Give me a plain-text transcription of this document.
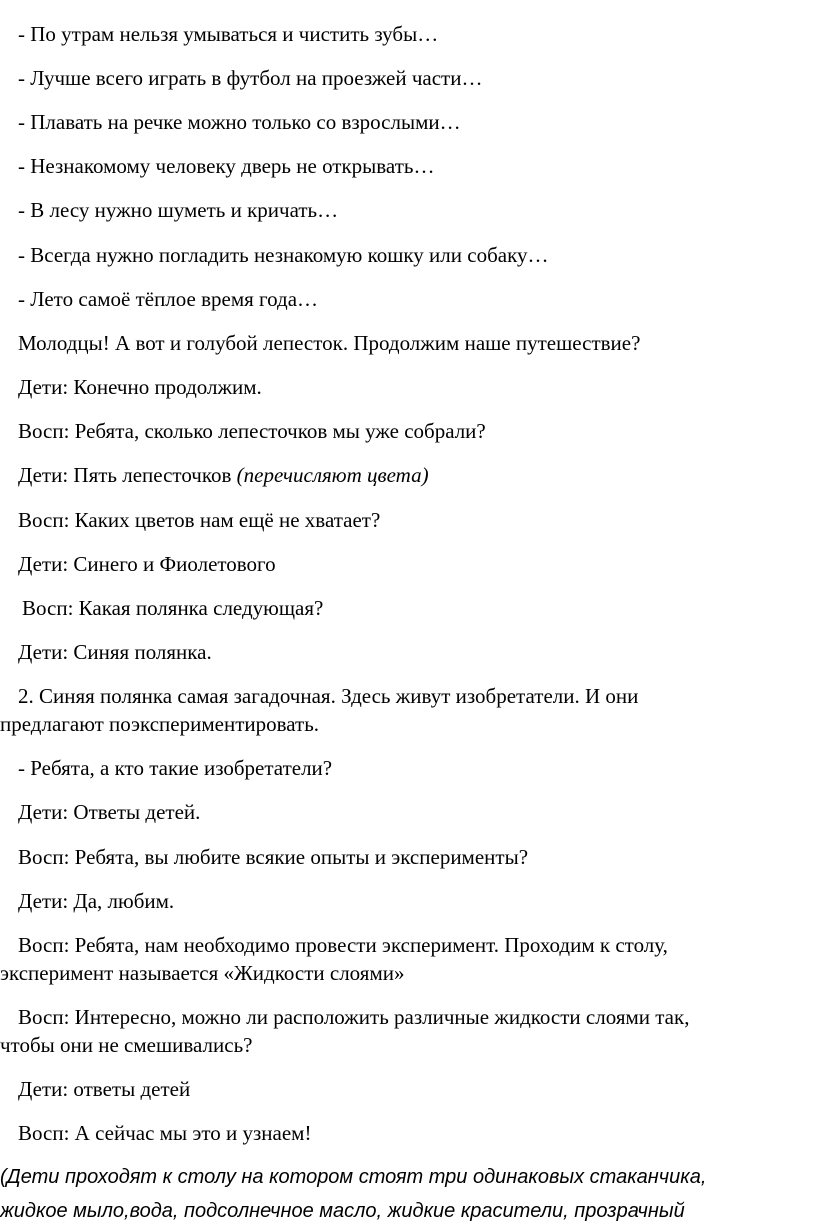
- По утрам нельзя умываться и чистить зубы…

- Лучше всего играть в футбол на проезжей части…

- Плавать на речке можно только со взрослыми…

- Незнакомому человеку дверь не открывать…

- В лесу нужно шуметь и кричать…

- Всегда нужно погладить незнакомую кошку или собаку…

- Лето самоё тёплое время года…

Молодцы! А вот и голубой лепесток. Продолжим наше путешествие?

Дети: Конечно продолжим.

Восп: Ребята, сколько лепесточков мы уже собрали?

Дети: Пять лепесточков (перечисляют цвета)

Восп: Каких цветов нам ещё не хватает?

Дети: Синего и Фиолетового

Восп: Какая полянка следующая?

Дети: Синяя полянка.

2. Синяя полянка самая загадочная. Здесь живут изобретатели. И они

предлагают поэкспериментировать.

- Ребята, а кто такие изобретатели?

Дети: Ответы детей.

Восп: Ребята, вы любите всякие опыты и эксперименты?

Дети: Да, любим.

Восп: Ребята, нам необходимо провести эксперимент. Проходим к столу,

эксперимент называется «Жидкости слоями»

Восп: Интересно, можно ли расположить различные жидкости слоями так,

чтобы они не смешивались?

Дети: ответы детей

Восп: А сейчас мы это и узнаем!

(Дети проходят к столу на котором стоят три одинаковых стаканчика,

жидкое мыло,вода, подсолнечное масло, жидкие красители, прозрачный
